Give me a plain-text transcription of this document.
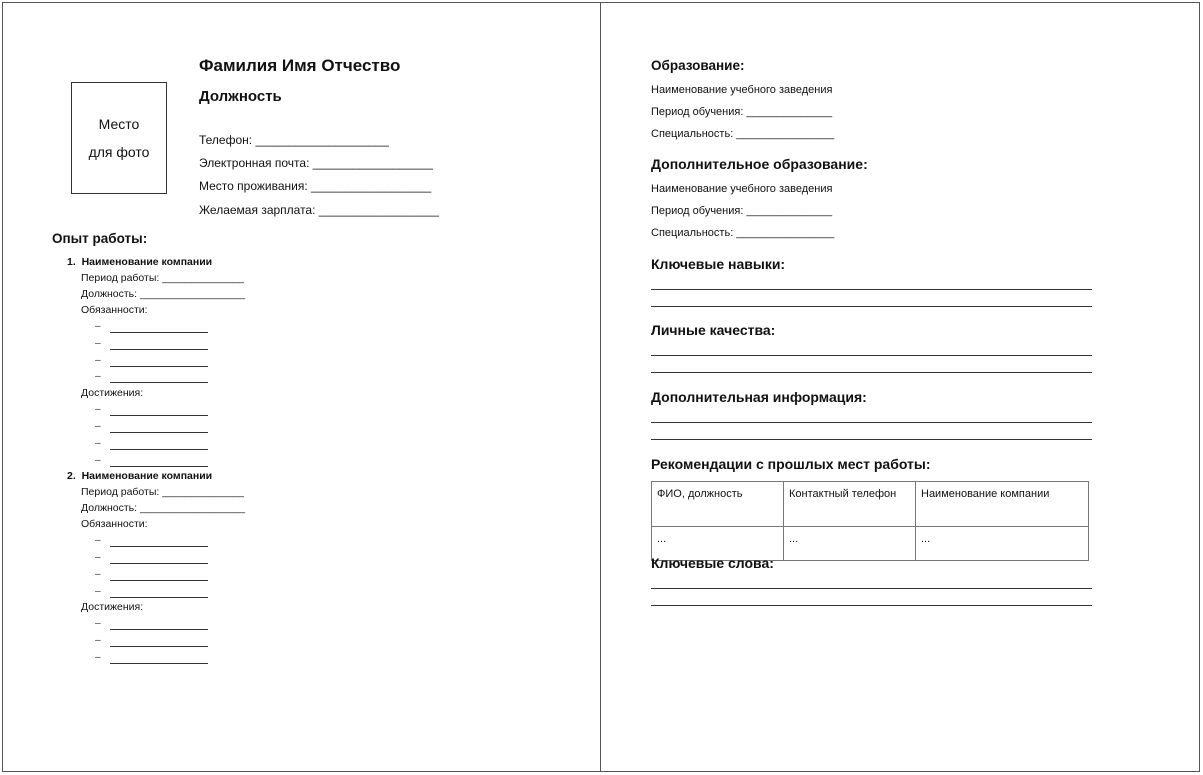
Место
для фото
Фамилия Имя Отчество
Должность
Телефон: ____________________
Электронная почта: __________________
Место проживания: __________________
Желаемая зарплата: __________________
Опыт работы:
1.  Наименование компании
Период работы: ______________
Должность: __________________
Обязанности:
–
–
–
–
Достижения:
–
–
–
–
2.  Наименование компании
Период работы: ______________
Должность: __________________
Обязанности:
–
–
–
–
Достижения:
–
–
–
Образование:
Наименование учебного заведения
Период обучения: ______________
Специальность: ________________
Дополнительное образование:
Наименование учебного заведения
Период обучения: ______________
Специальность: ________________
Ключевые навыки:
Личные качества:
Дополнительная информация:
Рекомендации с прошлых мест работы:
ФИО, должность	Контактный телефон	Наименование компании
...	...	...
Ключевые слова:
